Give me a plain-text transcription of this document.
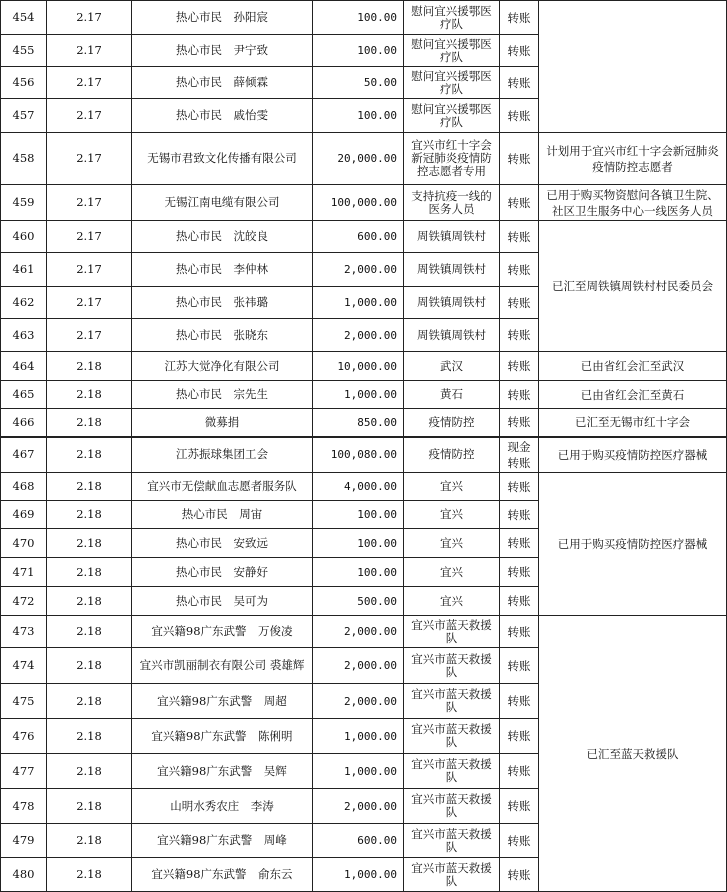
454	2.17	热心市民　孙阳宸	100.00	慰问宜兴援鄂医疗队	转账	
455	2.17	热心市民　尹宁致	100.00	慰问宜兴援鄂医疗队	转账	
456	2.17	热心市民　薛倾霖	50.00	慰问宜兴援鄂医疗队	转账	
457	2.17	热心市民　戚怡雯	100.00	慰问宜兴援鄂医疗队	转账	
458	2.17	无锡市君致文化传播有限公司	20,000.00	宜兴市红十字会新冠肺炎疫情防控志愿者专用	转账	计划用于宜兴市红十字会新冠肺炎疫情防控志愿者
459	2.17	无锡江南电缆有限公司	100,000.00	支持抗疫一线的医务人员	转账	已用于购买物资慰问各镇卫生院、社区卫生服务中心一线医务人员
460	2.17	热心市民　沈皎良	600.00	周铁镇周铁村	转账	已汇至周铁镇周铁村村民委员会
461	2.17	热心市民　李仲林	2,000.00	周铁镇周铁村	转账	
462	2.17	热心市民　张祎璐	1,000.00	周铁镇周铁村	转账	
463	2.17	热心市民　张晓东	2,000.00	周铁镇周铁村	转账	
464	2.18	江苏大觉净化有限公司	10,000.00	武汉	转账	已由省红会汇至武汉
465	2.18	热心市民　宗先生	1,000.00	黄石	转账	已由省红会汇至黄石
466	2.18	微募捐	850.00	疫情防控	转账	已汇至无锡市红十字会
467	2.18	江苏振球集团工会	100,080.00	疫情防控	现金转账	已用于购买疫情防控医疗器械
468	2.18	宜兴市无偿献血志愿者服务队	4,000.00	宜兴	转账	已用于购买疫情防控医疗器械
469	2.18	热心市民　周宙	100.00	宜兴	转账	
470	2.18	热心市民　安致远	100.00	宜兴	转账	
471	2.18	热心市民　安静好	100.00	宜兴	转账	
472	2.18	热心市民　吴可为	500.00	宜兴	转账	
473	2.18	宜兴籍98广东武警　万俊凌	2,000.00	宜兴市蓝天救援队	转账	已汇至蓝天救援队
474	2.18	宜兴市凯丽制衣有限公司 裘雄辉	2,000.00	宜兴市蓝天救援队	转账	
475	2.18	宜兴籍98广东武警　周超	2,000.00	宜兴市蓝天救援队	转账	
476	2.18	宜兴籍98广东武警　陈俐明	1,000.00	宜兴市蓝天救援队	转账	
477	2.18	宜兴籍98广东武警　吴辉	1,000.00	宜兴市蓝天救援队	转账	
478	2.18	山明水秀农庄　李涛	2,000.00	宜兴市蓝天救援队	转账	
479	2.18	宜兴籍98广东武警　周峰	600.00	宜兴市蓝天救援队	转账	
480	2.18	宜兴籍98广东武警　俞东云	1,000.00	宜兴市蓝天救援队	转账	
